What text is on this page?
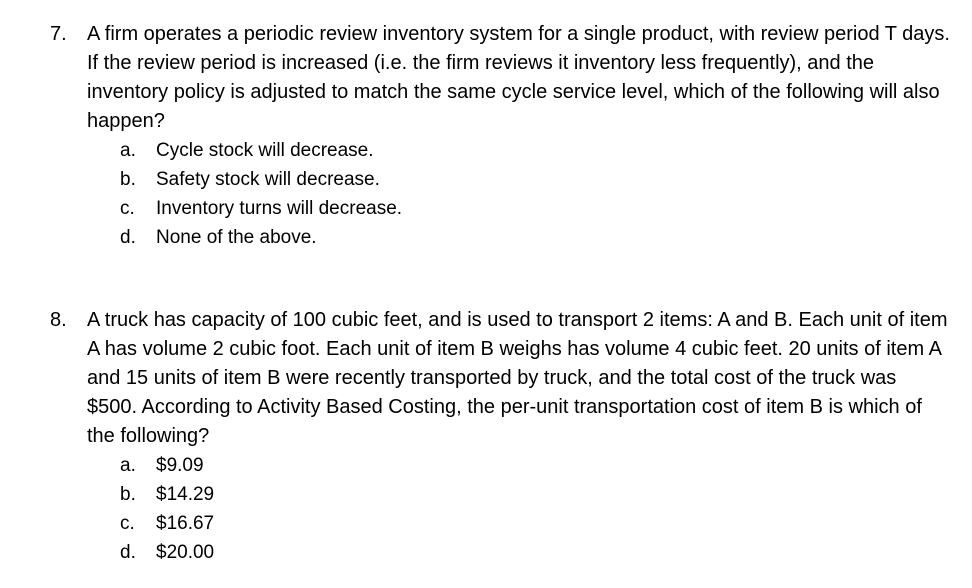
7.	A firm operates a periodic review inventory system for a single product, with review period T days. If the review period is increased (i.e. the firm reviews it inventory less frequently), and the inventory policy is adjusted to match the same cycle service level, which of the following will also happen?

a.	Cycle stock will decrease.
b.	Safety stock will decrease.
c.	Inventory turns will decrease.
d.	None of the above.
8.	A truck has capacity of 100 cubic feet, and is used to transport 2 items: A and B. Each unit of item A has volume 2 cubic foot. Each unit of item B weighs has volume 4 cubic feet. 20 units of item A and 15 units of item B were recently transported by truck, and the total cost of the truck was $500. According to Activity Based Costing, the per-unit transportation cost of item B is which of the following?

a.	$9.09
b.	$14.29
c.	$16.67
d.	$20.00
